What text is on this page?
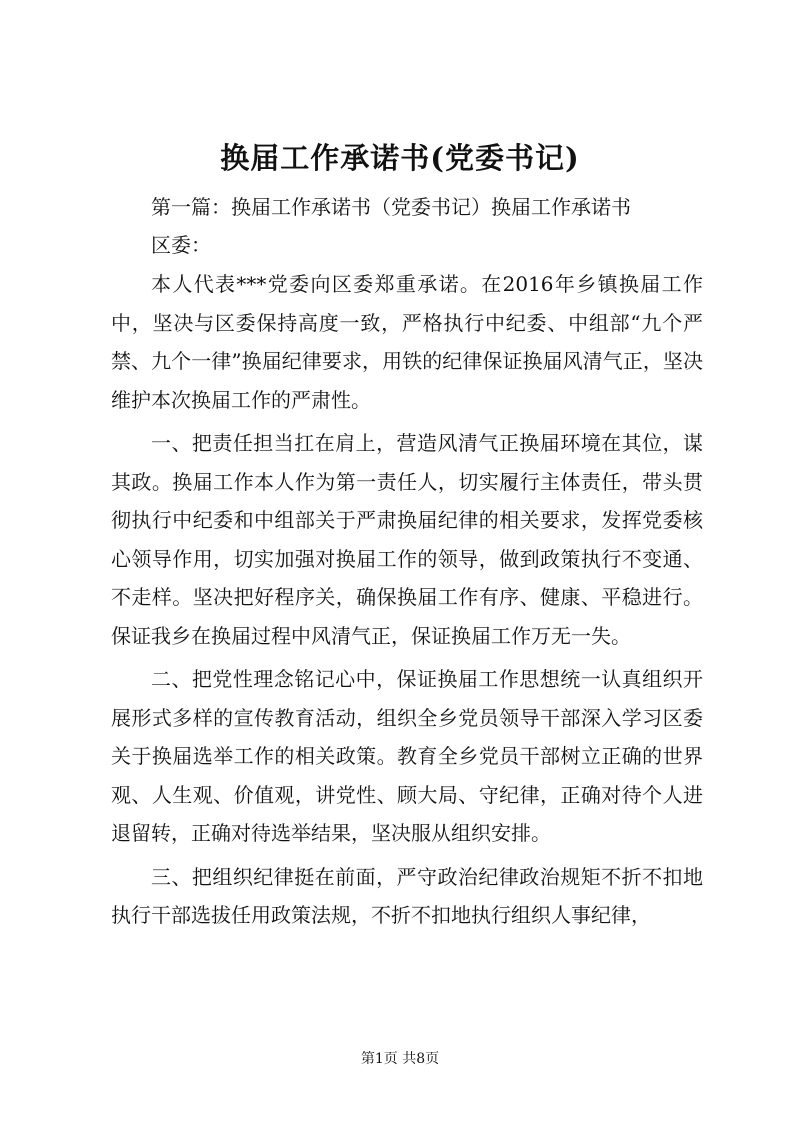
换届工作承诺书(党委书记)
第一篇：换届工作承诺书（党委书记）换届工作承诺书
区委：

本人代表***党委向区委郑重承诺。在2016年乡镇换届工作中，坚决与区委保持高度一致，严格执行中纪委、中组部“九个严禁、九个一律”换届纪律要求，用铁的纪律保证换届风清气正，坚决维护本次换届工作的严肃性。

一、把责任担当扛在肩上，营造风清气正换届环境在其位，谋其政。换届工作本人作为第一责任人，切实履行主体责任，带头贯彻执行中纪委和中组部关于严肃换届纪律的相关要求，发挥党委核心领导作用，切实加强对换届工作的领导，做到政策执行不变通、不走样。坚决把好程序关，确保换届工作有序、健康、平稳进行。保证我乡在换届过程中风清气正，保证换届工作万无一失。

二、把党性理念铭记心中，保证换届工作思想统一认真组织开展形式多样的宣传教育活动，组织全乡党员领导干部深入学习区委关于换届选举工作的相关政策。教育全乡党员干部树立正确的世界观、人生观、价值观，讲党性、顾大局、守纪律，正确对待个人进退留转，正确对待选举结果，坚决服从组织安排。

三、把组织纪律挺在前面，严守政治纪律政治规矩不折不扣地执行干部选拔任用政策法规，不折不扣地执行组织人事纪律，

第1页 共8页
